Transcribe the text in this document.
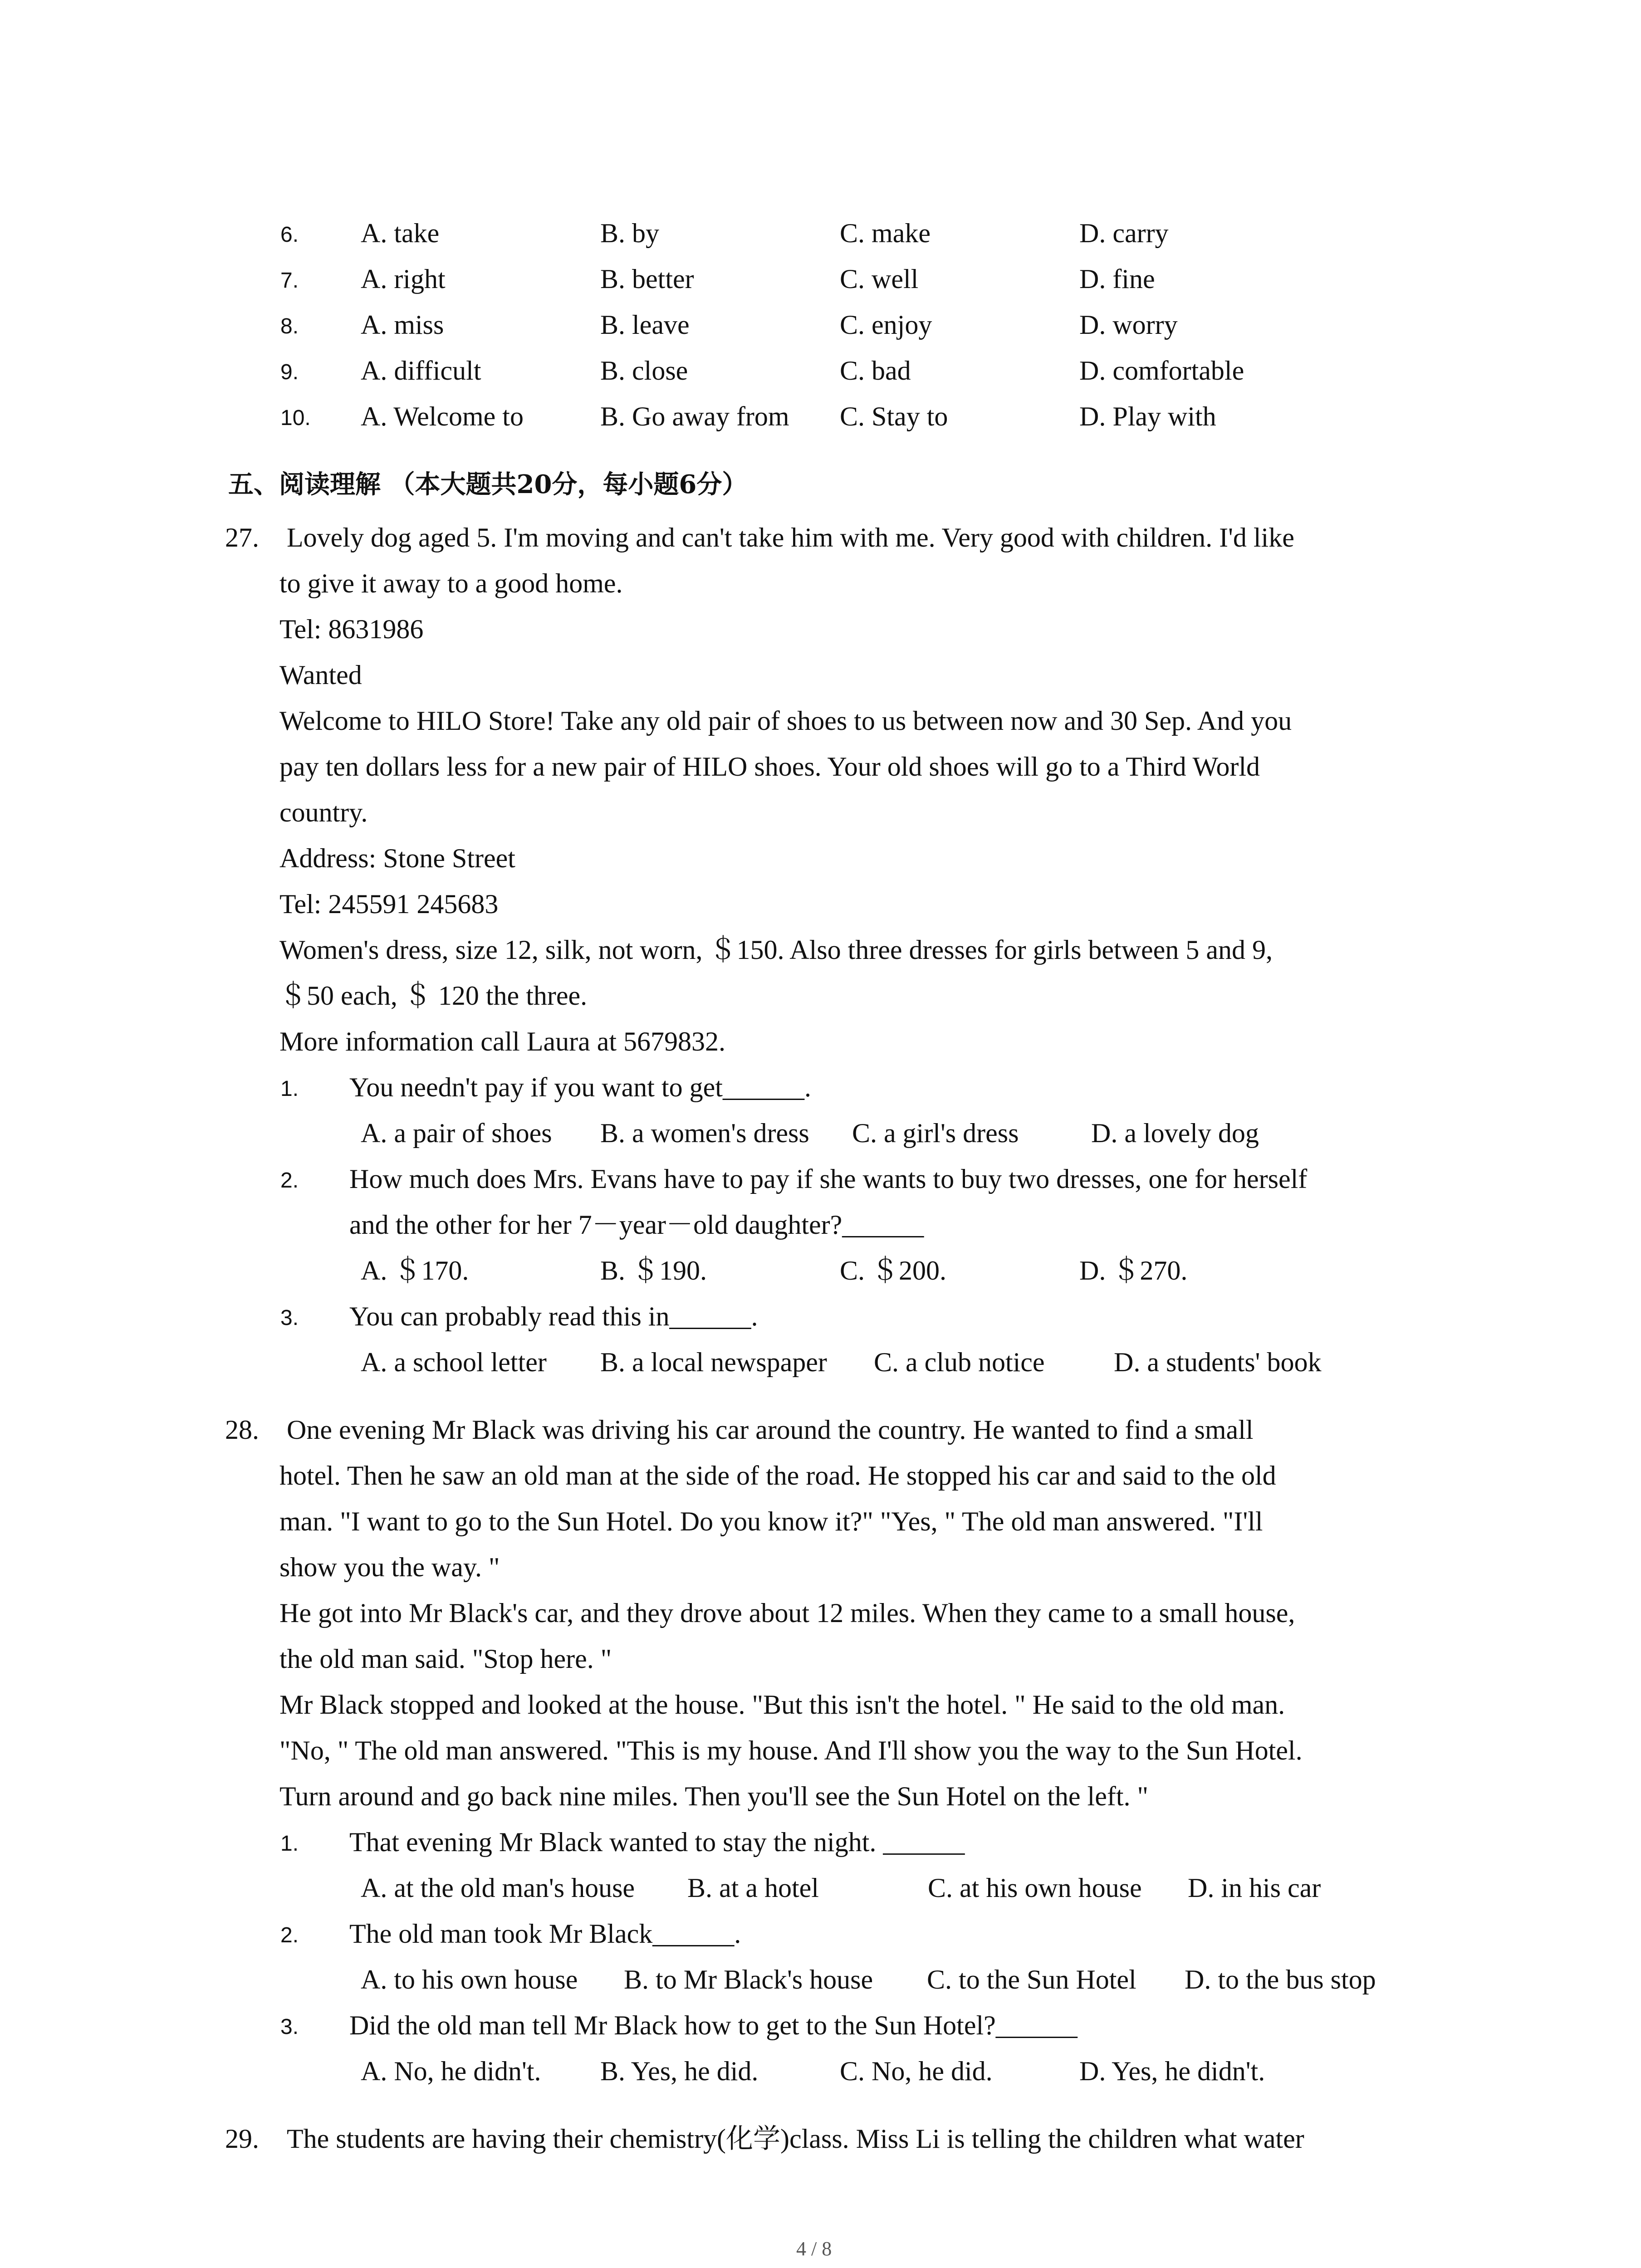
6. A. take	B. by	C. make	D. carry
7. A. right	B. better	C. well	D. fine
8. A. miss	B. leave	C. enjoy	D. worry
9. A. difficult	B. close	C. bad	D. comfortable
10. A. Welcome to	B. Go away from C. Stay to	D. Play with
五、阅读理解 （本大题共20分，每小题6分）
27. Lovely dog aged 5. I'm moving and can't take him with me. Very good with children. I'd like
to give it away to a good home.
Tel: 8631986
Wanted
Welcome to HILO Store! Take any old pair of shoes to us between now and 30 Sep. And you
pay ten dollars less for a new pair of HILO shoes. Your old shoes will go to a Third World
country.
Address: Stone Street
Tel: 245591 245683
Women's dress, size 12, silk, not worn, ＄150. Also three dresses for girls between 5 and 9,
＄50 each, ＄ 120 the three.
More information call Laura at 5679832.
1. You needn't pay if you want to get______.
A. a pair of shoes B. a women's dress C. a girl's dress	D. a lovely dog
2. How much does Mrs. Evans have to pay if she wants to buy two dresses, one for herself
and the other for her 7－year－old daughter?______
A. ＄170.	B. ＄190.	C. ＄200.	D. ＄270.
3. You can probably read this in______.
A. a school letter B. a local newspaper C. a club notice	D. a students' book
28. One evening Mr Black was driving his car around the country. He wanted to find a small
hotel. Then he saw an old man at the side of the road. He stopped his car and said to the old
man. "I want to go to the Sun Hotel. Do you know it?" "Yes, " The old man answered. "I'll
show you the way. "
He got into Mr Black's car, and they drove about 12 miles. When they came to a small house,
the old man said. "Stop here. "
Mr Black stopped and looked at the house. "But this isn't the hotel. " He said to the old man.
"No, " The old man answered. "This is my house. And I'll show you the way to the Sun Hotel.
Turn around and go back nine miles. Then you'll see the Sun Hotel on the left. "
1. That evening Mr Black wanted to stay the night. ______
A. at the old man's house B. at a hotel	C. at his own house D. in his car
2. The old man took Mr Black______.
A. to his own house B. to Mr Black's house C. to the Sun Hotel D. to the bus stop
3. Did the old man tell Mr Black how to get to the Sun Hotel?______
A. No, he didn't. B. Yes, he did.	C. No, he did.	D. Yes, he didn't.
29. The students are having their chemistry(化学)class. Miss Li is telling the children what water
4 / 8
